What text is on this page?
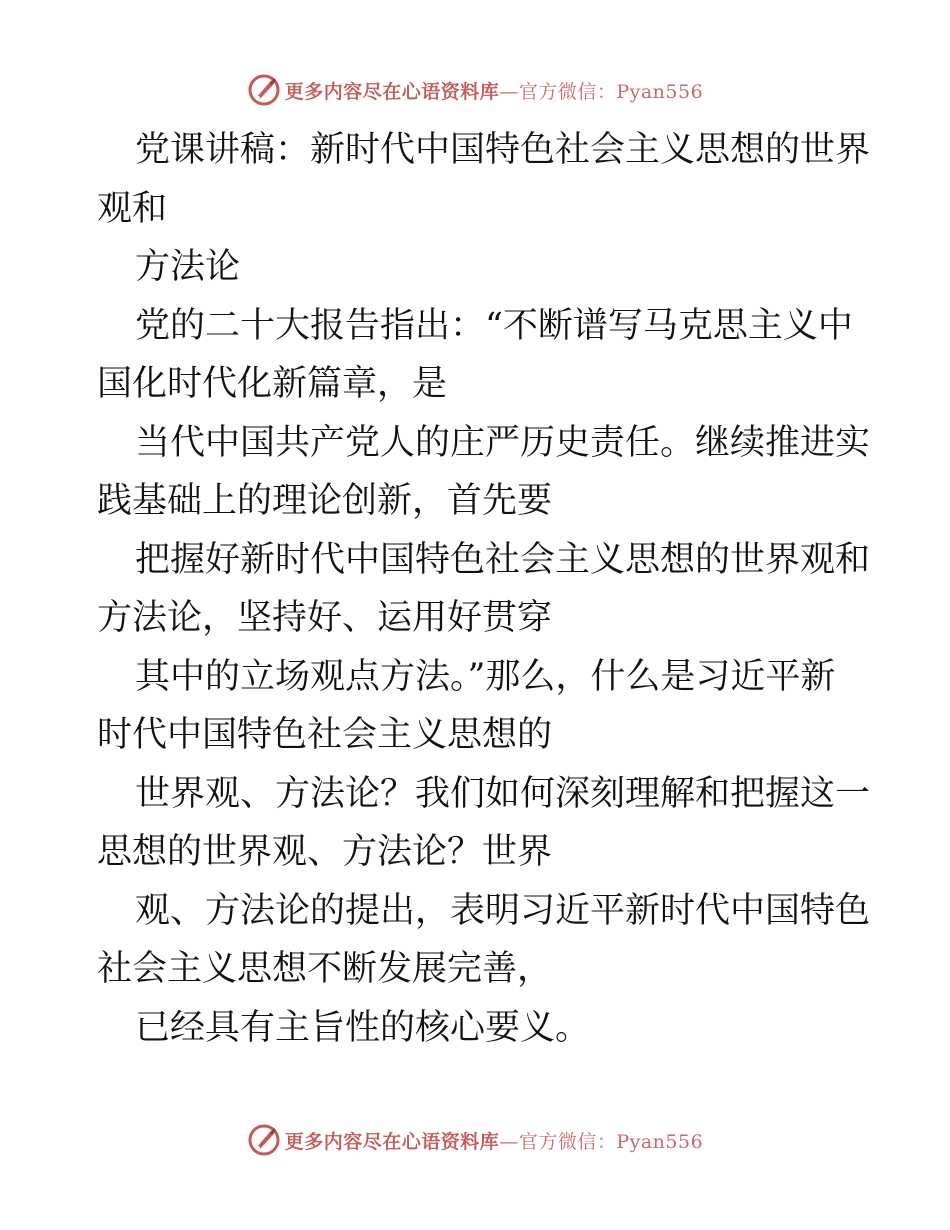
更多内容尽在心语资料库—官方微信：Pyan556

党课讲稿：新时代中国特色社会主义思想的世界
观和

方法论

党的二十大报告指出：“不断谱写马克思主义中
国化时代化新篇章，是

当代中国共产党人的庄严历史责任。继续推进实
践基础上的理论创新，首先要

把握好新时代中国特色社会主义思想的世界观和
方法论，坚持好、运用好贯穿

其中的立场观点方法。”那么，什么是习近平新
时代中国特色社会主义思想的

世界观、方法论？我们如何深刻理解和把握这一
思想的世界观、方法论？世界

观、方法论的提出，表明习近平新时代中国特色
社会主义思想不断发展完善，

已经具有主旨性的核心要义。

更多内容尽在心语资料库—官方微信：Pyan556
